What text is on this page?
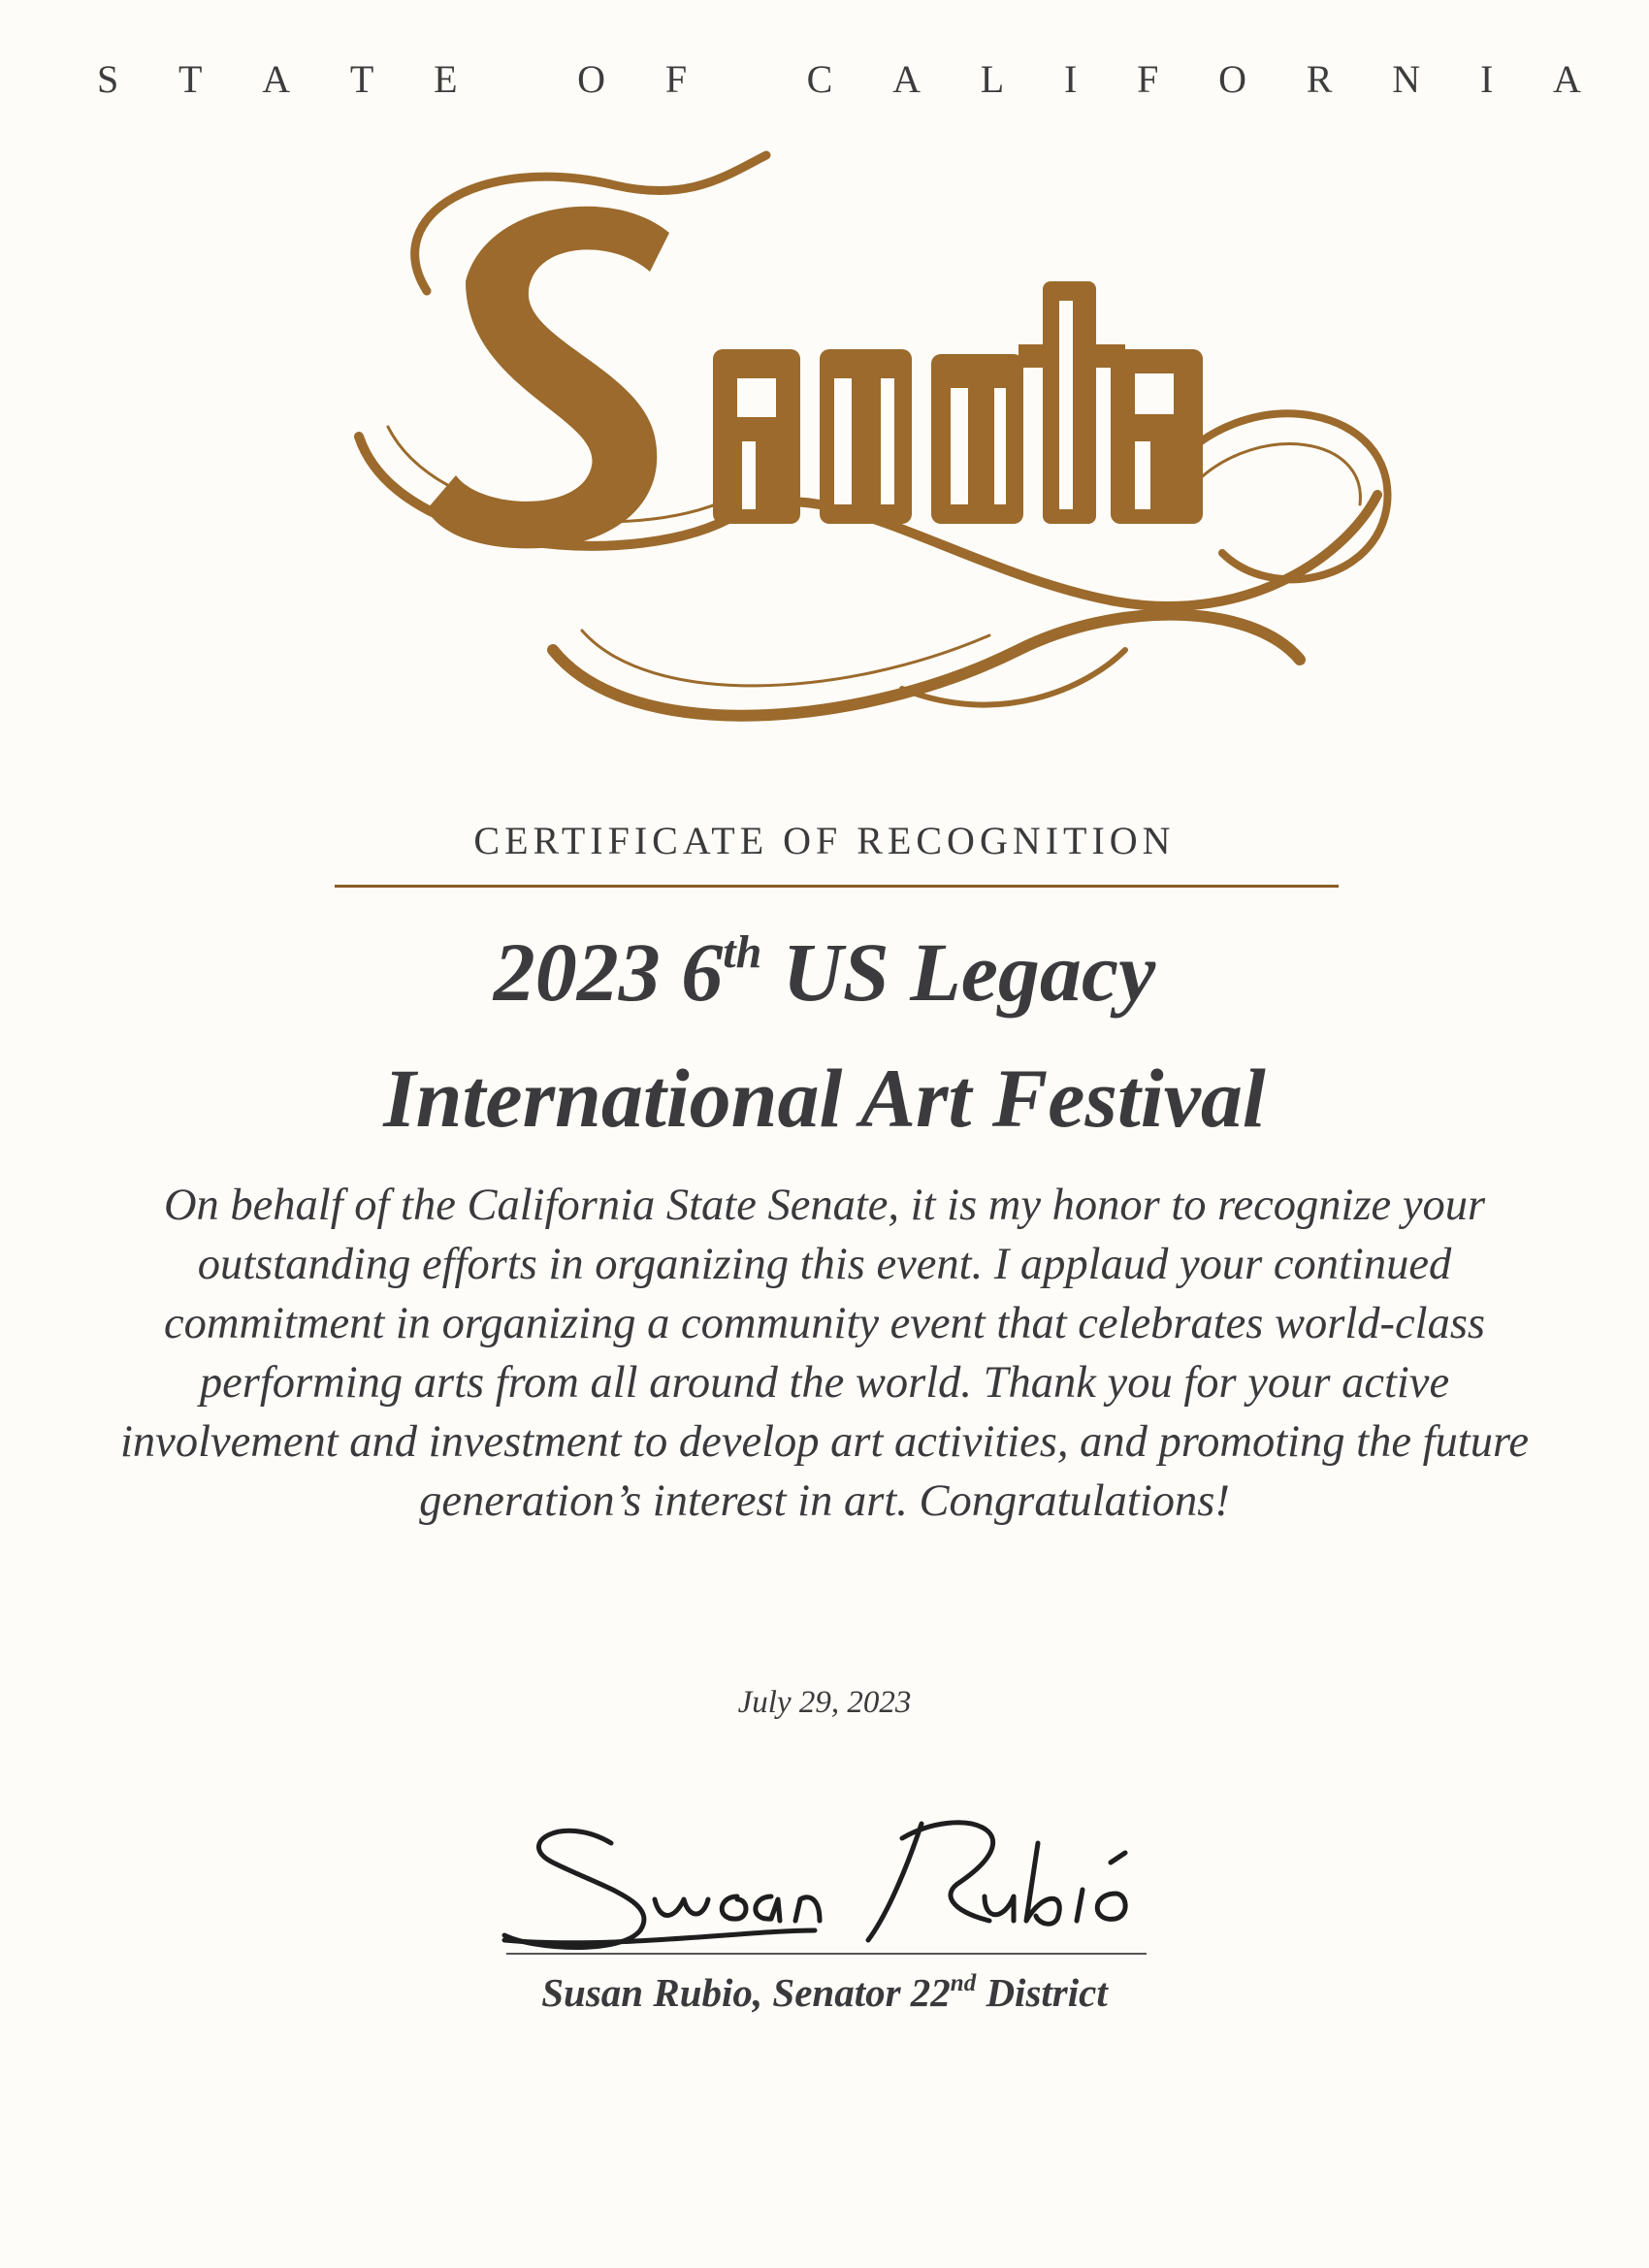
S T A T E	O F	C A L I F O R N I A
CERTIFICATE OF RECOGNITION
2023 6th US Legacy
International Art Festival
On behalf of the California State Senate, it is my honor to recognize your outstanding efforts in organizing this event. I applaud your continued commitment in organizing a community event that celebrates world-class performing arts from all around the world. Thank you for your active involvement and investment to develop art activities, and promoting the future generation’s interest in art. Congratulations!
July 29, 2023
Susan Rubio, Senator 22nd District
